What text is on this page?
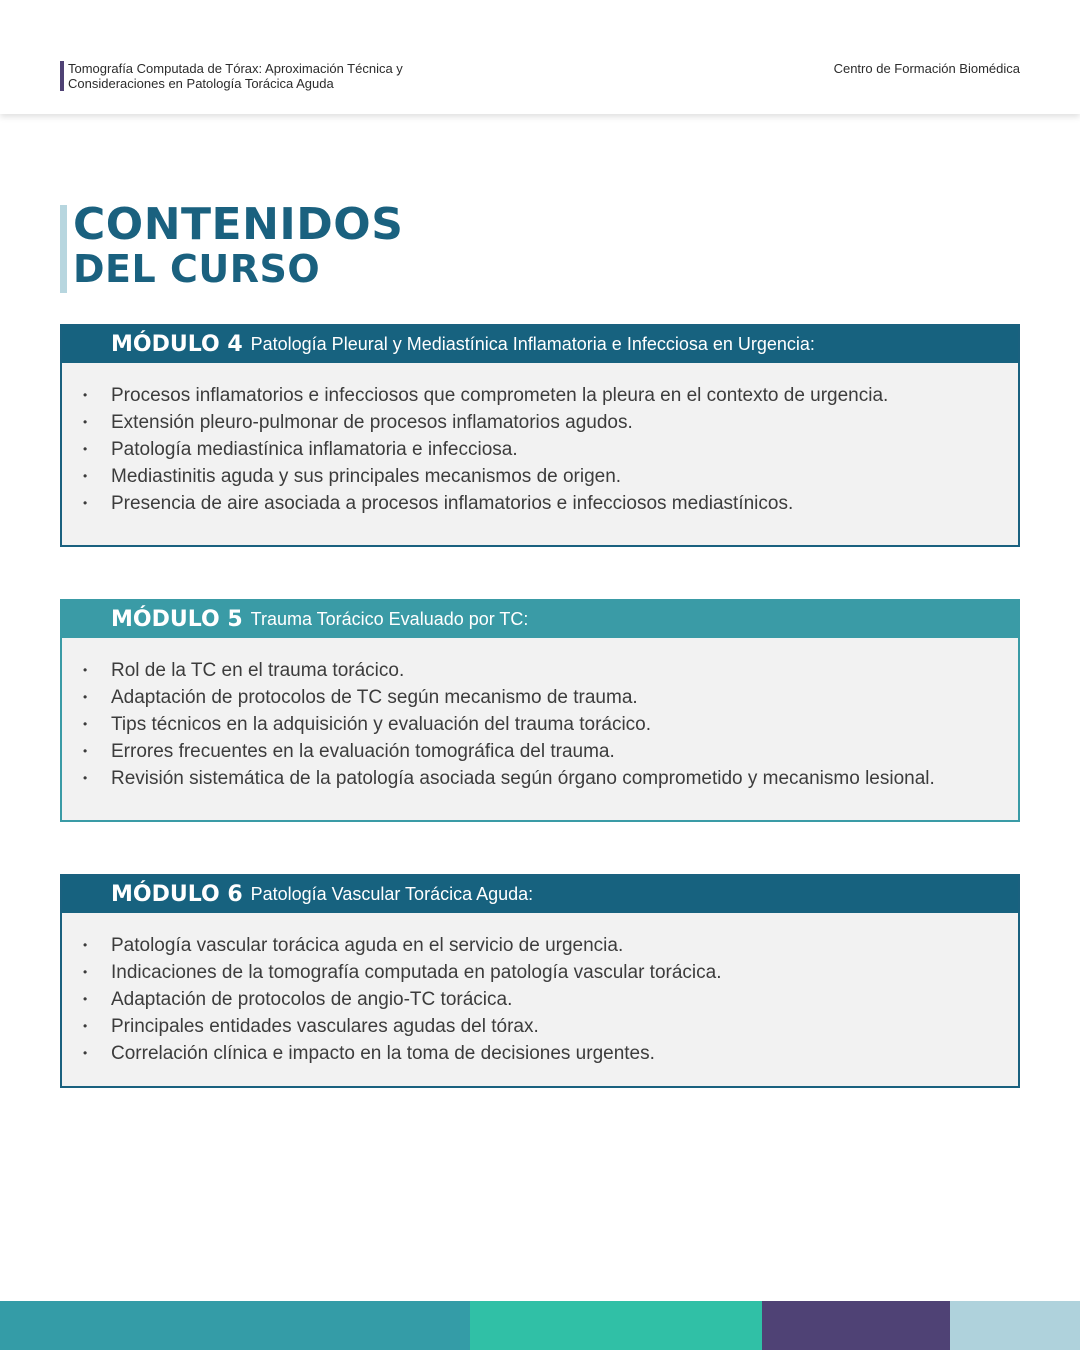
Tomografía Computada de Tórax: Aproximación Técnica y
Consideraciones en Patología Torácica Aguda
Centro de Formación Biomédica
CONTENIDOS
DEL CURSO
MÓDULO 4 Patología Pleural y Mediastínica Inflamatoria e Infecciosa en Urgencia:
• Procesos inflamatorios e infecciosos que comprometen la pleura en el contexto de urgencia.
• Extensión pleuro-pulmonar de procesos inflamatorios agudos.
• Patología mediastínica inflamatoria e infecciosa.
• Mediastinitis aguda y sus principales mecanismos de origen.
• Presencia de aire asociada a procesos inflamatorios e infecciosos mediastínicos.
MÓDULO 5 Trauma Torácico Evaluado por TC:
• Rol de la TC en el trauma torácico.
• Adaptación de protocolos de TC según mecanismo de trauma.
• Tips técnicos en la adquisición y evaluación del trauma torácico.
• Errores frecuentes en la evaluación tomográfica del trauma.
• Revisión sistemática de la patología asociada según órgano comprometido y mecanismo lesional.
MÓDULO 6 Patología Vascular Torácica Aguda:
• Patología vascular torácica aguda en el servicio de urgencia.
• Indicaciones de la tomografía computada en patología vascular torácica.
• Adaptación de protocolos de angio-TC torácica.
• Principales entidades vasculares agudas del tórax.
• Correlación clínica e impacto en la toma de decisiones urgentes.
